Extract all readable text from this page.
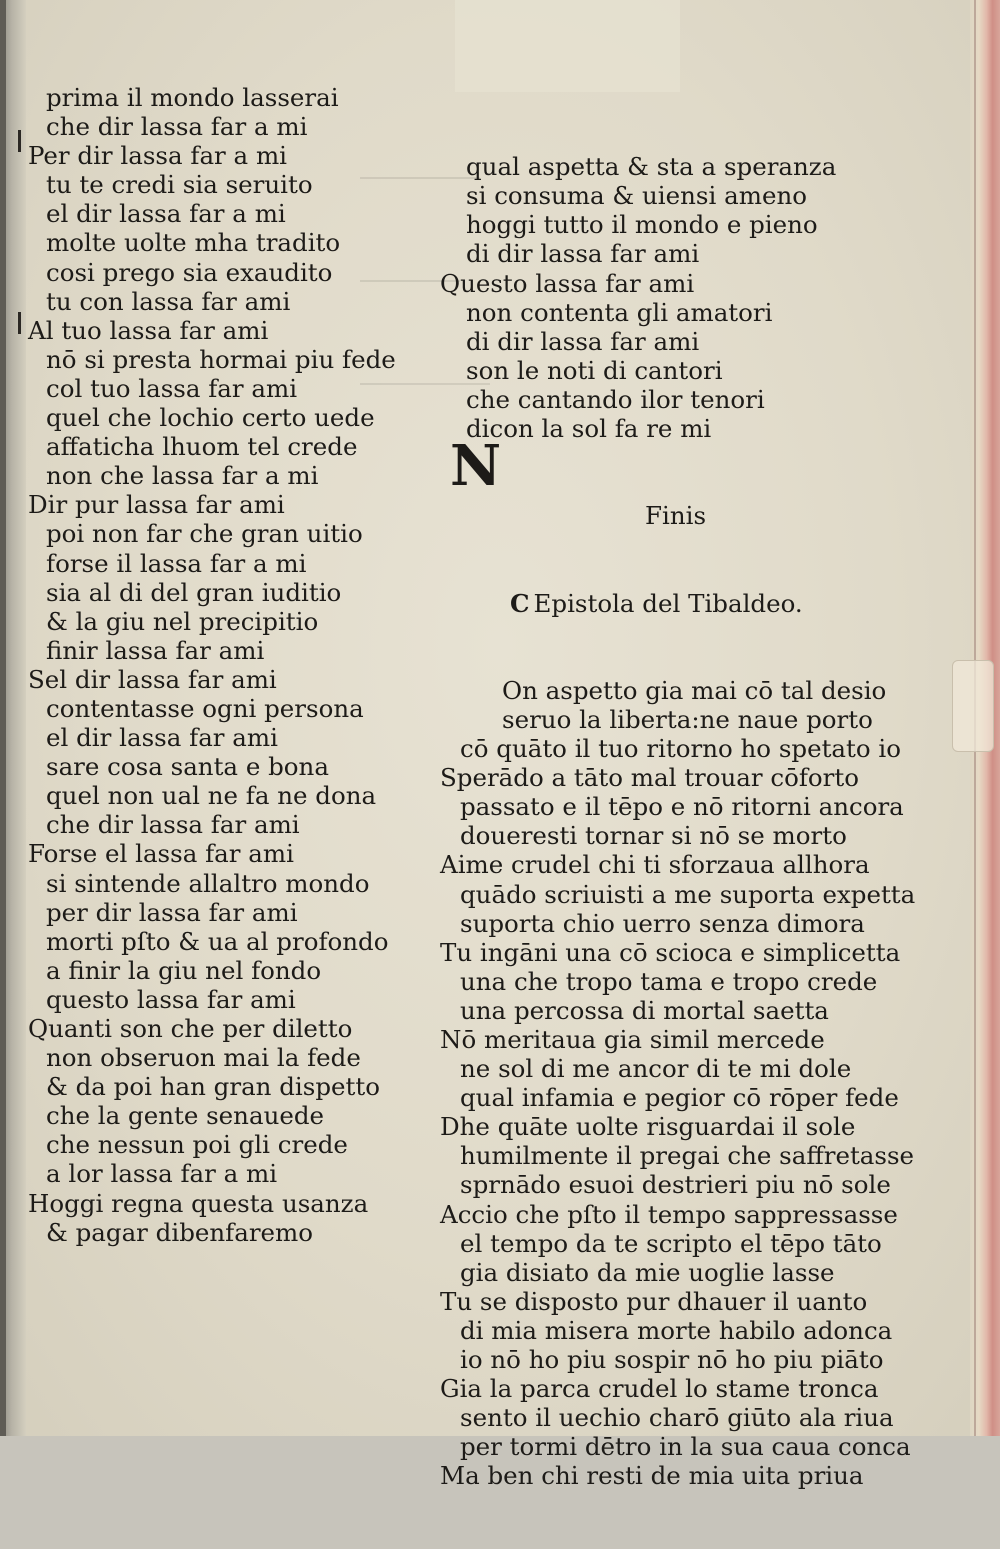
prima il mondo lasserai
che dir lassa far a mi
Per dir lassa far a mi
tu te credi sia seruito
el dir lassa far a mi
molte uolte mha tradito
cosi prego sia exaudito
tu con lassa far ami
Al tuo lassa far ami
nō si presta hormai piu fede
col tuo lassa far ami
quel che lochio certo uede
affaticha lhuom tel crede
non che lassa far a mi
Dir pur lassa far ami
poi non far che gran uitio
forse il lassa far a mi
sia al di del gran iuditio
& la giu nel precipitio
finir lassa far ami
Sel dir lassa far ami
contentasse ogni persona
el dir lassa far ami
sare cosa santa e bona
quel non ual ne fa ne dona
che dir lassa far ami
Forse el lassa far ami
si sintende allaltro mondo
per dir lassa far ami
morti pſto & ua al profondo
a finir la giu nel fondo
questo lassa far ami
Quanti son che per diletto
non obseruon mai la fede
& da poi han gran dispetto
che la gente senauede
che nessun poi gli crede
a lor lassa far a mi
Hoggi regna questa usanza
& pagar dibenfaremo

qual aspetta & sta a speranza
si consuma & uiensi ameno
hoggi tutto il mondo e pieno
di dir lassa far ami
Questo lassa far ami
non contenta gli amatori
di dir lassa far ami
son le noti di cantori
che cantando ilor tenori
dicon la sol fa re mi

Finis

C Epistola del Tibaldeo.

On aspetto gia mai cō tal desio
seruo la liberta:ne naue porto
cō quāto il tuo ritorno ho spetato io
Sperādo a tāto mal trouar cōforto
passato e il tēpo e nō ritorni ancora
doueresti tornar si nō se morto
Aime crudel chi ti sforzaua allhora
quādo scriuisti a me suporta expetta
suporta chio uerro senza dimora
Tu ingāni una cō scioca e simplicetta
una che tropo tama e tropo crede
una percossa di mortal saetta
Nō meritaua gia simil mercede
ne sol di me ancor di te mi dole
qual infamia e pegior cō rōper fede
Dhe quāte uolte risguardai il sole
humilmente il pregai che saffretasse
sprnādo esuoi destrieri piu nō sole
Accio che pſto il tempo sappressasse
el tempo da te scripto el tēpo tāto
gia disiato da mie uoglie lasse
Tu se disposto pur dhauer il uanto
di mia misera morte habilo adonca
io nō ho piu sospir nō ho piu piāto
Gia la parca crudel lo stame tronca
sento il uechio charō giūto ala riua
per tormi dētro in la sua caua conca
Ma ben chi resti de mia uita priua

N
